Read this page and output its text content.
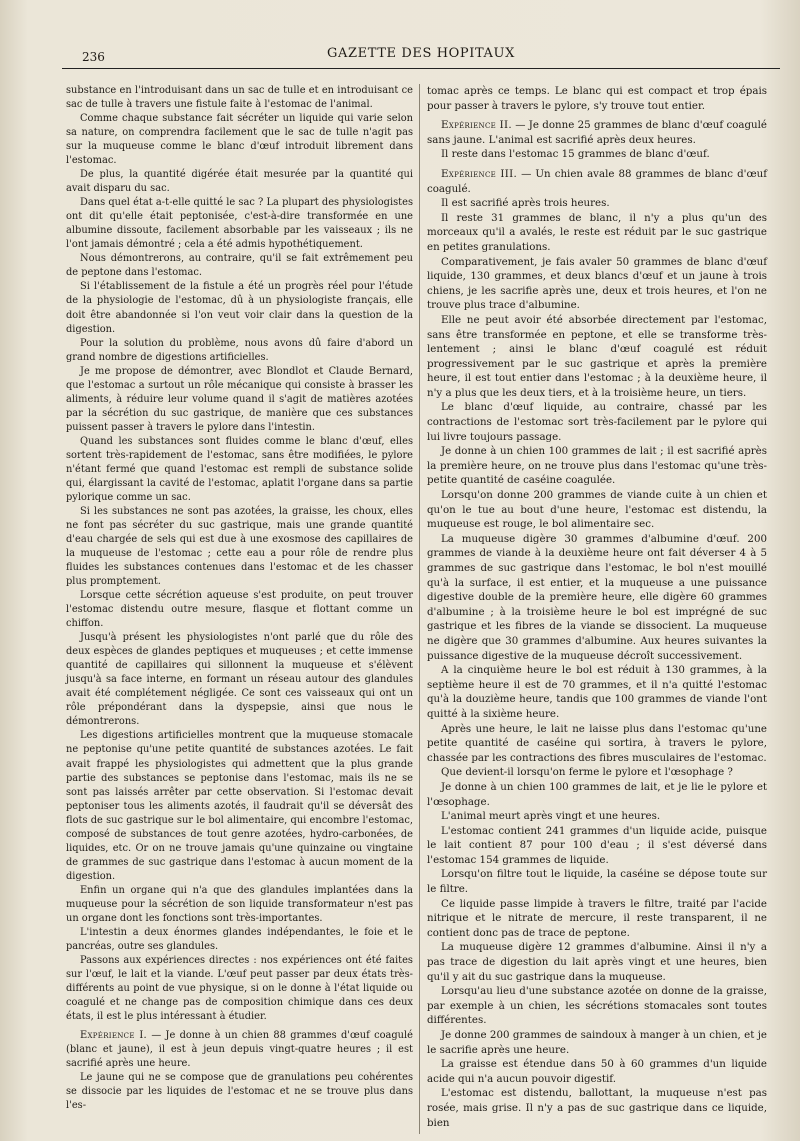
236	GAZETTE DES HOPITAUX

substance en l'introduisant dans un sac de tulle et en introduisant ce sac de tulle à travers une fistule faite à l'estomac de l'animal.

Comme chaque substance fait sécréter un liquide qui varie selon sa nature, on comprendra facilement que le sac de tulle n'agit pas sur la muqueuse comme le blanc d'œuf introduit librement dans l'estomac.

De plus, la quantité digérée était mesurée par la quantité qui avait disparu du sac.

Dans quel état a-t-elle quitté le sac ? La plupart des physiologistes ont dit qu'elle était peptonisée, c'est-à-dire transformée en une albumine dissoute, facilement absorbable par les vaisseaux ; ils ne l'ont jamais démontré ; cela a été admis hypothétiquement.

Nous démontrerons, au contraire, qu'il se fait extrêmement peu de peptone dans l'estomac.

Si l'établissement de la fistule a été un progrès réel pour l'étude de la physiologie de l'estomac, dû à un physiologiste français, elle doit être abandonnée si l'on veut voir clair dans la question de la digestion.

Pour la solution du problème, nous avons dû faire d'abord un grand nombre de digestions artificielles.

Je me propose de démontrer, avec Blondlot et Claude Bernard, que l'estomac a surtout un rôle mécanique qui consiste à brasser les aliments, à réduire leur volume quand il s'agit de matières azotées par la sécrétion du suc gastrique, de manière que ces substances puissent passer à travers le pylore dans l'intestin.

Quand les substances sont fluides comme le blanc d'œuf, elles sortent très-rapidement de l'estomac, sans être modifiées, le pylore n'étant fermé que quand l'estomac est rempli de substance solide qui, élargissant la cavité de l'estomac, aplatit l'organe dans sa partie pylorique comme un sac.

Si les substances ne sont pas azotées, la graisse, les choux, elles ne font pas sécréter du suc gastrique, mais une grande quantité d'eau chargée de sels qui est due à une exosmose des capillaires de la muqueuse de l'estomac ; cette eau a pour rôle de rendre plus fluides les substances contenues dans l'estomac et de les chasser plus promptement.

Lorsque cette sécrétion aqueuse s'est produite, on peut trouver l'estomac distendu outre mesure, flasque et flottant comme un chiffon.

Jusqu'à présent les physiologistes n'ont parlé que du rôle des deux espèces de glandes peptiques et muqueuses ; et cette immense quantité de capillaires qui sillonnent la muqueuse et s'élèvent jusqu'à sa face interne, en formant un réseau autour des glandules avait été complétement négligée. Ce sont ces vaisseaux qui ont un rôle prépondérant dans la dyspepsie, ainsi que nous le démontrerons.

Les digestions artificielles montrent que la muqueuse stomacale ne peptonise qu'une petite quantité de substances azotées. Le fait avait frappé les physiologistes qui admettent que la plus grande partie des substances se peptonise dans l'estomac, mais ils ne se sont pas laissés arrêter par cette observation. Si l'estomac devait peptoniser tous les aliments azotés, il faudrait qu'il se déversât des flots de suc gastrique sur le bol alimentaire, qui encombre l'estomac, composé de substances de tout genre azotées, hydro-carbonées, de liquides, etc. Or on ne trouve jamais qu'une quinzaine ou vingtaine de grammes de suc gastrique dans l'estomac à aucun moment de la digestion.

Enfin un organe qui n'a que des glandules implantées dans la muqueuse pour la sécrétion de son liquide transformateur n'est pas un organe dont les fonctions sont très-importantes.

L'intestin a deux énormes glandes indépendantes, le foie et le pancréas, outre ses glandules.

Passons aux expériences directes : nos expériences ont été faites sur l'œuf, le lait et la viande. L'œuf peut passer par deux états très-différents au point de vue physique, si on le donne à l'état liquide ou coagulé et ne change pas de composition chimique dans ces deux états, il est le plus intéressant à étudier.

Expérience I. — Je donne à un chien 88 grammes d'œuf coagulé (blanc et jaune), il est à jeun depuis vingt-quatre heures ; il est sacrifié après une heure.

Le jaune qui ne se compose que de granulations peu cohérentes se dissocie par les liquides de l'estomac et ne se trouve plus dans l'es-

tomac après ce temps. Le blanc qui est compact et trop épais pour passer à travers le pylore, s'y trouve tout entier.

Expérience II. — Je donne 25 grammes de blanc d'œuf coagulé sans jaune. L'animal est sacrifié après deux heures.

Il reste dans l'estomac 15 grammes de blanc d'œuf.

Expérience III. — Un chien avale 88 grammes de blanc d'œuf coagulé.

Il est sacrifié après trois heures.

Il reste 31 grammes de blanc, il n'y a plus qu'un des morceaux qu'il a avalés, le reste est réduit par le suc gastrique en petites granulations.

Comparativement, je fais avaler 50 grammes de blanc d'œuf liquide, 130 grammes, et deux blancs d'œuf et un jaune à trois chiens, je les sacrifie après une, deux et trois heures, et l'on ne trouve plus trace d'albumine.

Elle ne peut avoir été absorbée directement par l'estomac, sans être transformée en peptone, et elle se transforme très-lentement ; ainsi le blanc d'œuf coagulé est réduit progressivement par le suc gastrique et après la première heure, il est tout entier dans l'estomac ; à la deuxième heure, il n'y a plus que les deux tiers, et à la troisième heure, un tiers.

Le blanc d'œuf liquide, au contraire, chassé par les contractions de l'estomac sort très-facilement par le pylore qui lui livre toujours passage.

Je donne à un chien 100 grammes de lait ; il est sacrifié après la première heure, on ne trouve plus dans l'estomac qu'une très-petite quantité de caséine coagulée.

Lorsqu'on donne 200 grammes de viande cuite à un chien et qu'on le tue au bout d'une heure, l'estomac est distendu, la muqueuse est rouge, le bol alimentaire sec.

La muqueuse digère 30 grammes d'albumine d'œuf. 200 grammes de viande à la deuxième heure ont fait déverser 4 à 5 grammes de suc gastrique dans l'estomac, le bol n'est mouillé qu'à la surface, il est entier, et la muqueuse a une puissance digestive double de la première heure, elle digère 60 grammes d'albumine ; à la troisième heure le bol est imprégné de suc gastrique et les fibres de la viande se dissocient. La muqueuse ne digère que 30 grammes d'albumine. Aux heures suivantes la puissance digestive de la muqueuse décroît successivement.

A la cinquième heure le bol est réduit à 130 grammes, à la septième heure il est de 70 grammes, et il n'a quitté l'estomac qu'à la douzième heure, tandis que 100 grammes de viande l'ont quitté à la sixième heure.

Après une heure, le lait ne laisse plus dans l'estomac qu'une petite quantité de caséine qui sortira, à travers le pylore, chassée par les contractions des fibres musculaires de l'estomac.

Que devient-il lorsqu'on ferme le pylore et l'œsophage ?

Je donne à un chien 100 grammes de lait, et je lie le pylore et l'œsophage.

L'animal meurt après vingt et une heures.

L'estomac contient 241 grammes d'un liquide acide, puisque le lait contient 87 pour 100 d'eau ; il s'est déversé dans l'estomac 154 grammes de liquide.

Lorsqu'on filtre tout le liquide, la caséine se dépose toute sur le filtre.

Ce liquide passe limpide à travers le filtre, traité par l'acide nitrique et le nitrate de mercure, il reste transparent, il ne contient donc pas de trace de peptone.

La muqueuse digère 12 grammes d'albumine. Ainsi il n'y a pas trace de digestion du lait après vingt et une heures, bien qu'il y ait du suc gastrique dans la muqueuse.

Lorsqu'au lieu d'une substance azotée on donne de la graisse, par exemple à un chien, les sécrétions stomacales sont toutes différentes.

Je donne 200 grammes de saindoux à manger à un chien, et je le sacrifie après une heure.

La graisse est étendue dans 50 à 60 grammes d'un liquide acide qui n'a aucun pouvoir digestif.

L'estomac est distendu, ballottant, la muqueuse n'est pas rosée, mais grise. Il n'y a pas de suc gastrique dans ce liquide, bien
